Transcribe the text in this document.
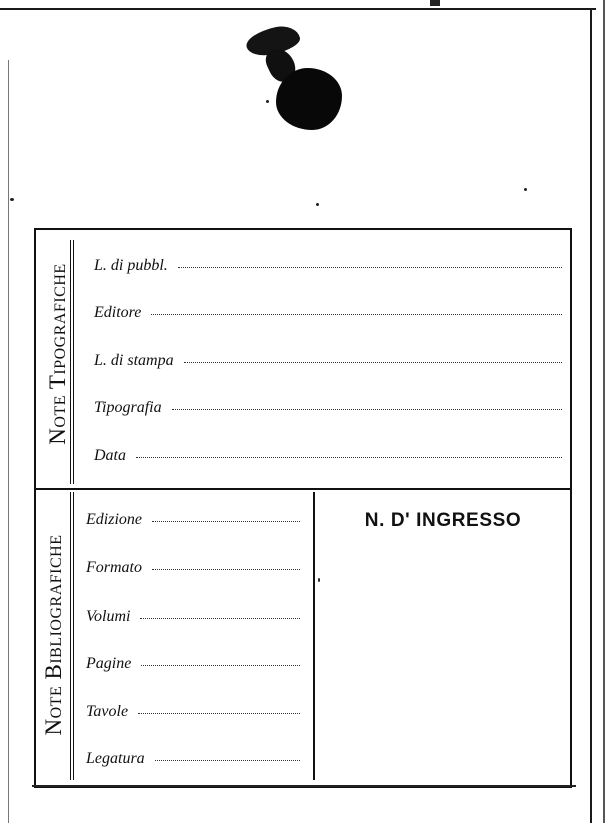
Note Tipografiche L. di pubbl.
Editore
L. di stampa
Tipografia
Data
Note Bibliografiche
Edizione
Formato
Volumi
Pagine
Tavole
Legatura
N. D' INGRESSO
